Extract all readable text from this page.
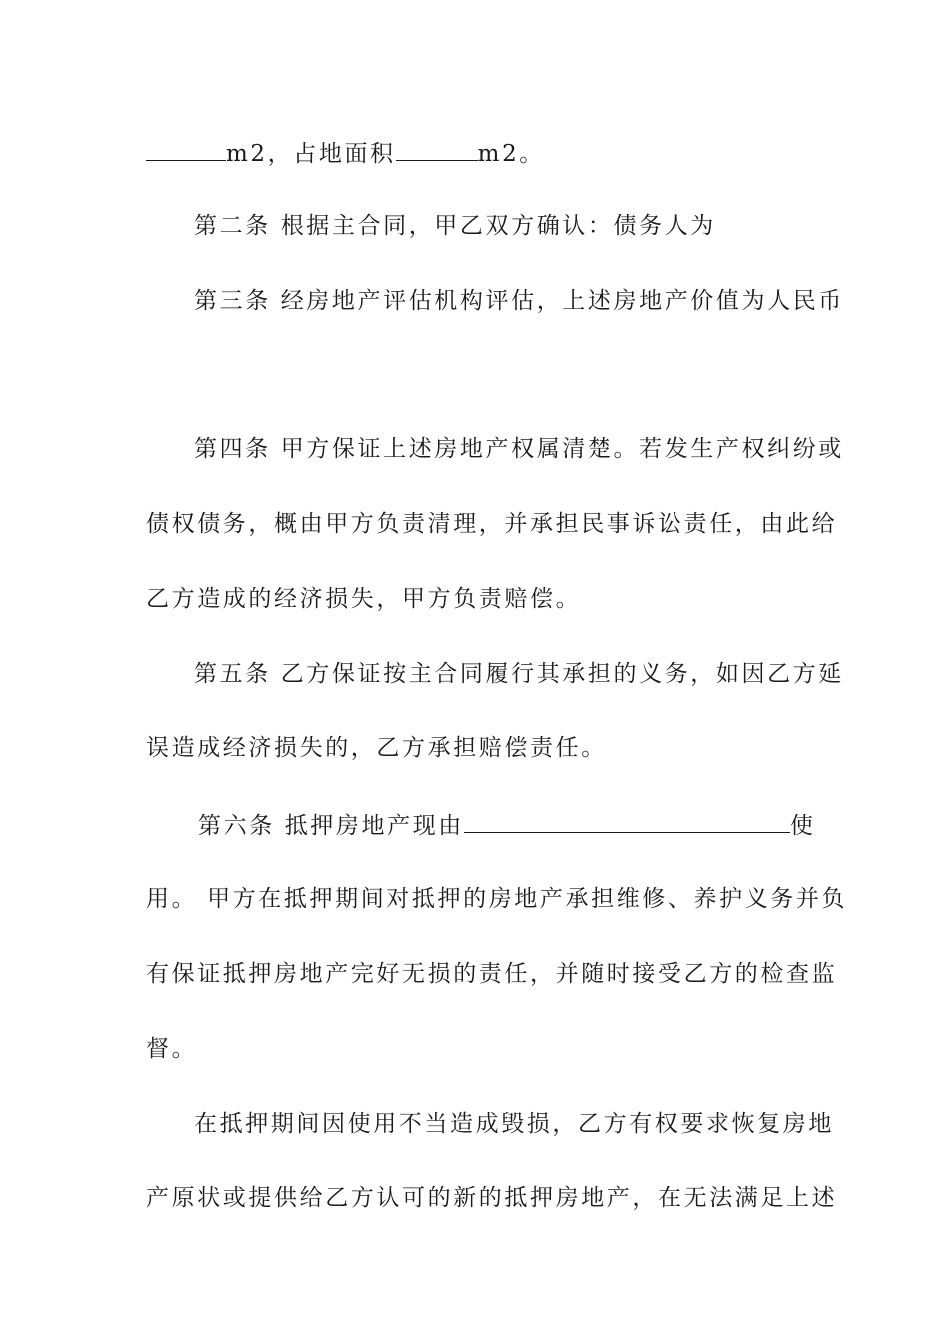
m2，占地面积	m2。
第二条 根据主合同，甲乙双方确认：债务人为
第三条 经房地产评估机构评估，上述房地产价值为人民币
第四条 甲方保证上述房地产权属清楚。若发生产权纠纷或
债权债务，概由甲方负责清理，并承担民事诉讼责任，由此给
乙方造成的经济损失，甲方负责赔偿。
第五条 乙方保证按主合同履行其承担的义务，如因乙方延
误造成经济损失的，乙方承担赔偿责任。
第六条 抵押房地产现由	使
用。 甲方在抵押期间对抵押的房地产承担维修、养护义务并负
有保证抵押房地产完好无损的责任，并随时接受乙方的检查监
督。
在抵押期间因使用不当造成毁损，乙方有权要求恢复房地
产原状或提供给乙方认可的新的抵押房地产，在无法满足上述
